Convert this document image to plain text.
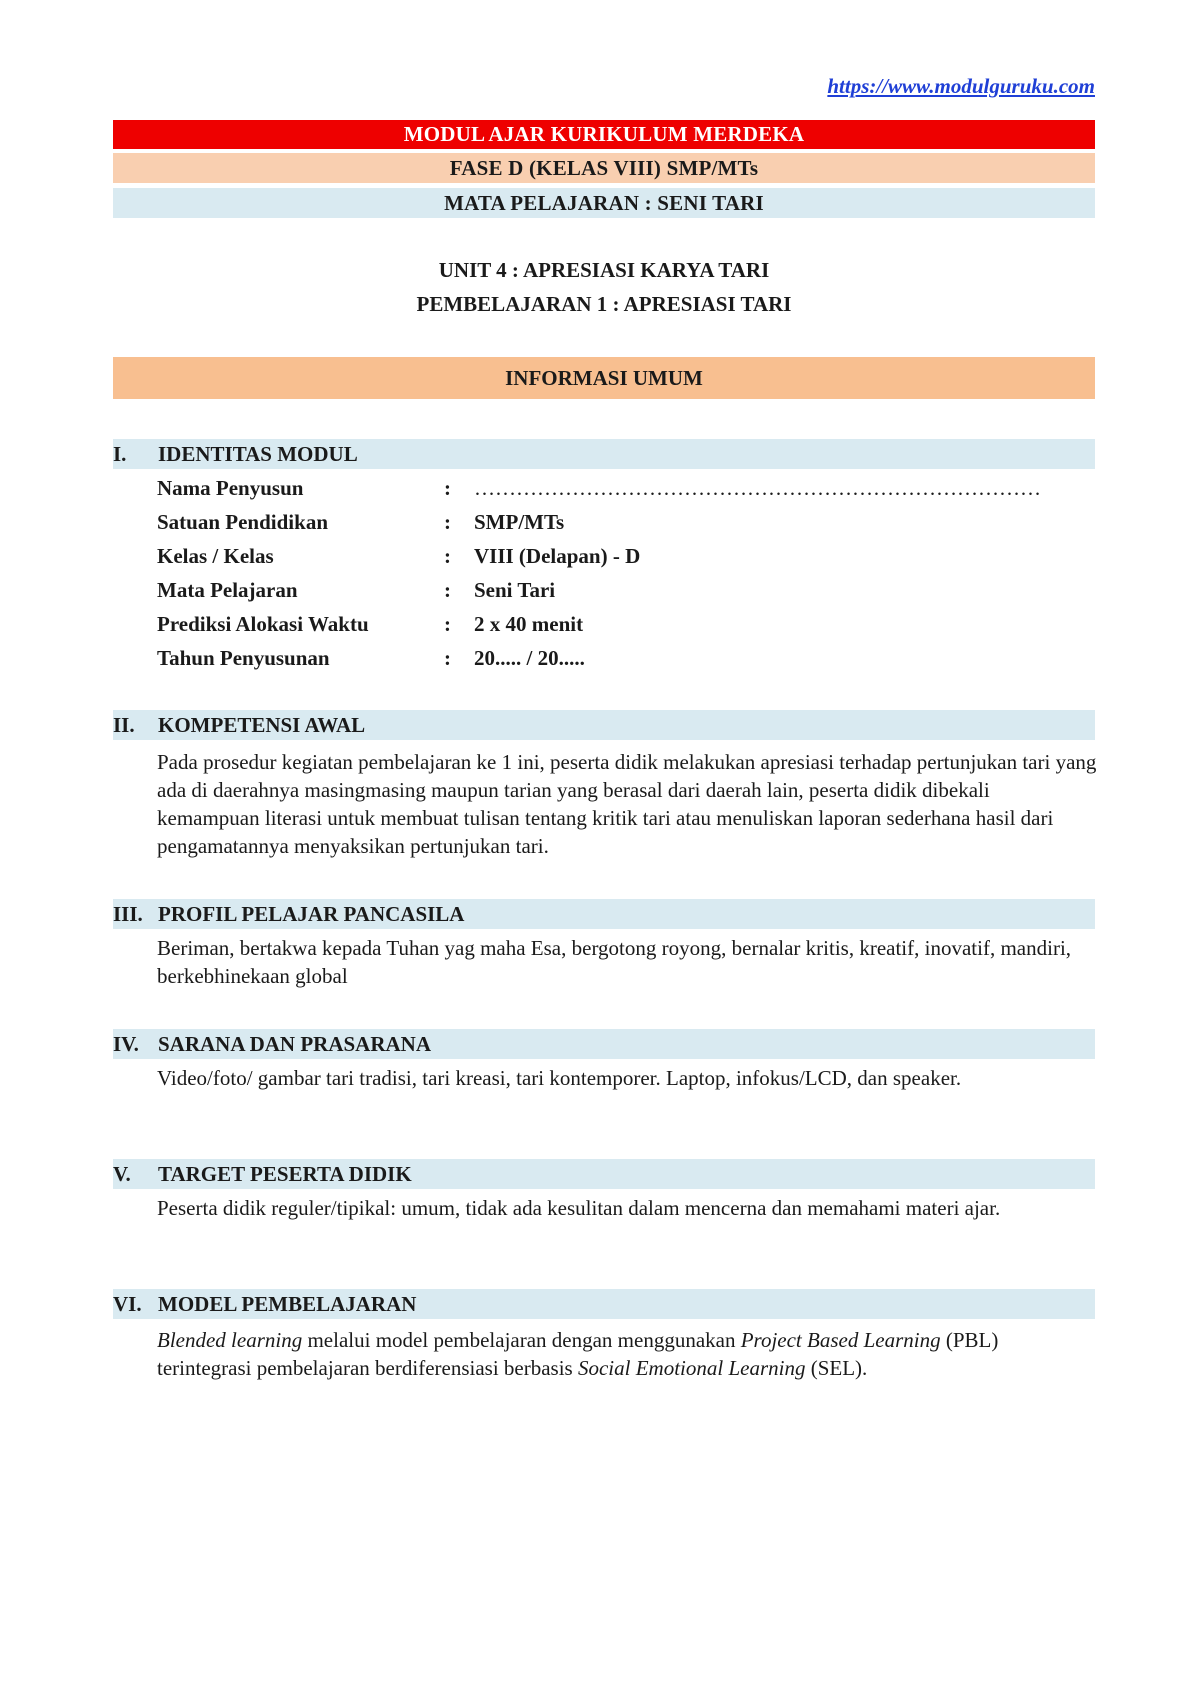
https://www.modulguruku.com
MODUL AJAR KURIKULUM MERDEKA
FASE D (KELAS VIII) SMP/MTs
MATA PELAJARAN : SENI TARI
UNIT 4 : APRESIASI KARYA TARI
PEMBELAJARAN 1 : APRESIASI TARI
INFORMASI UMUM
I. IDENTITAS MODUL
Nama Penyusun	: ………………………………………………………………………
Satuan Pendidikan	: SMP/MTs
Kelas / Kelas	: VIII (Delapan) - D
Mata Pelajaran	: Seni Tari
Prediksi Alokasi Waktu	: 2 x 40 menit
Tahun Penyusunan	: 20..... / 20.....
II. KOMPETENSI AWAL
Pada prosedur kegiatan pembelajaran ke 1 ini, peserta didik melakukan apresiasi terhadap pertunjukan tari yang ada di daerahnya masingmasing maupun tarian yang berasal dari daerah lain, peserta didik dibekali kemampuan literasi untuk membuat tulisan tentang kritik tari atau menuliskan laporan sederhana hasil dari pengamatannya menyaksikan pertunjukan tari.
III. PROFIL PELAJAR PANCASILA
Beriman, bertakwa kepada Tuhan yag maha Esa, bergotong royong, bernalar kritis, kreatif, inovatif, mandiri, berkebhinekaan global
IV. SARANA DAN PRASARANA
Video/foto/ gambar tari tradisi, tari kreasi, tari kontemporer. Laptop, infokus/LCD, dan speaker.
V. TARGET PESERTA DIDIK
Peserta didik reguler/tipikal: umum, tidak ada kesulitan dalam mencerna dan memahami materi ajar.
VI. MODEL PEMBELAJARAN
Blended learning melalui model pembelajaran dengan menggunakan Project Based Learning (PBL) terintegrasi pembelajaran berdiferensiasi berbasis Social Emotional Learning (SEL).
